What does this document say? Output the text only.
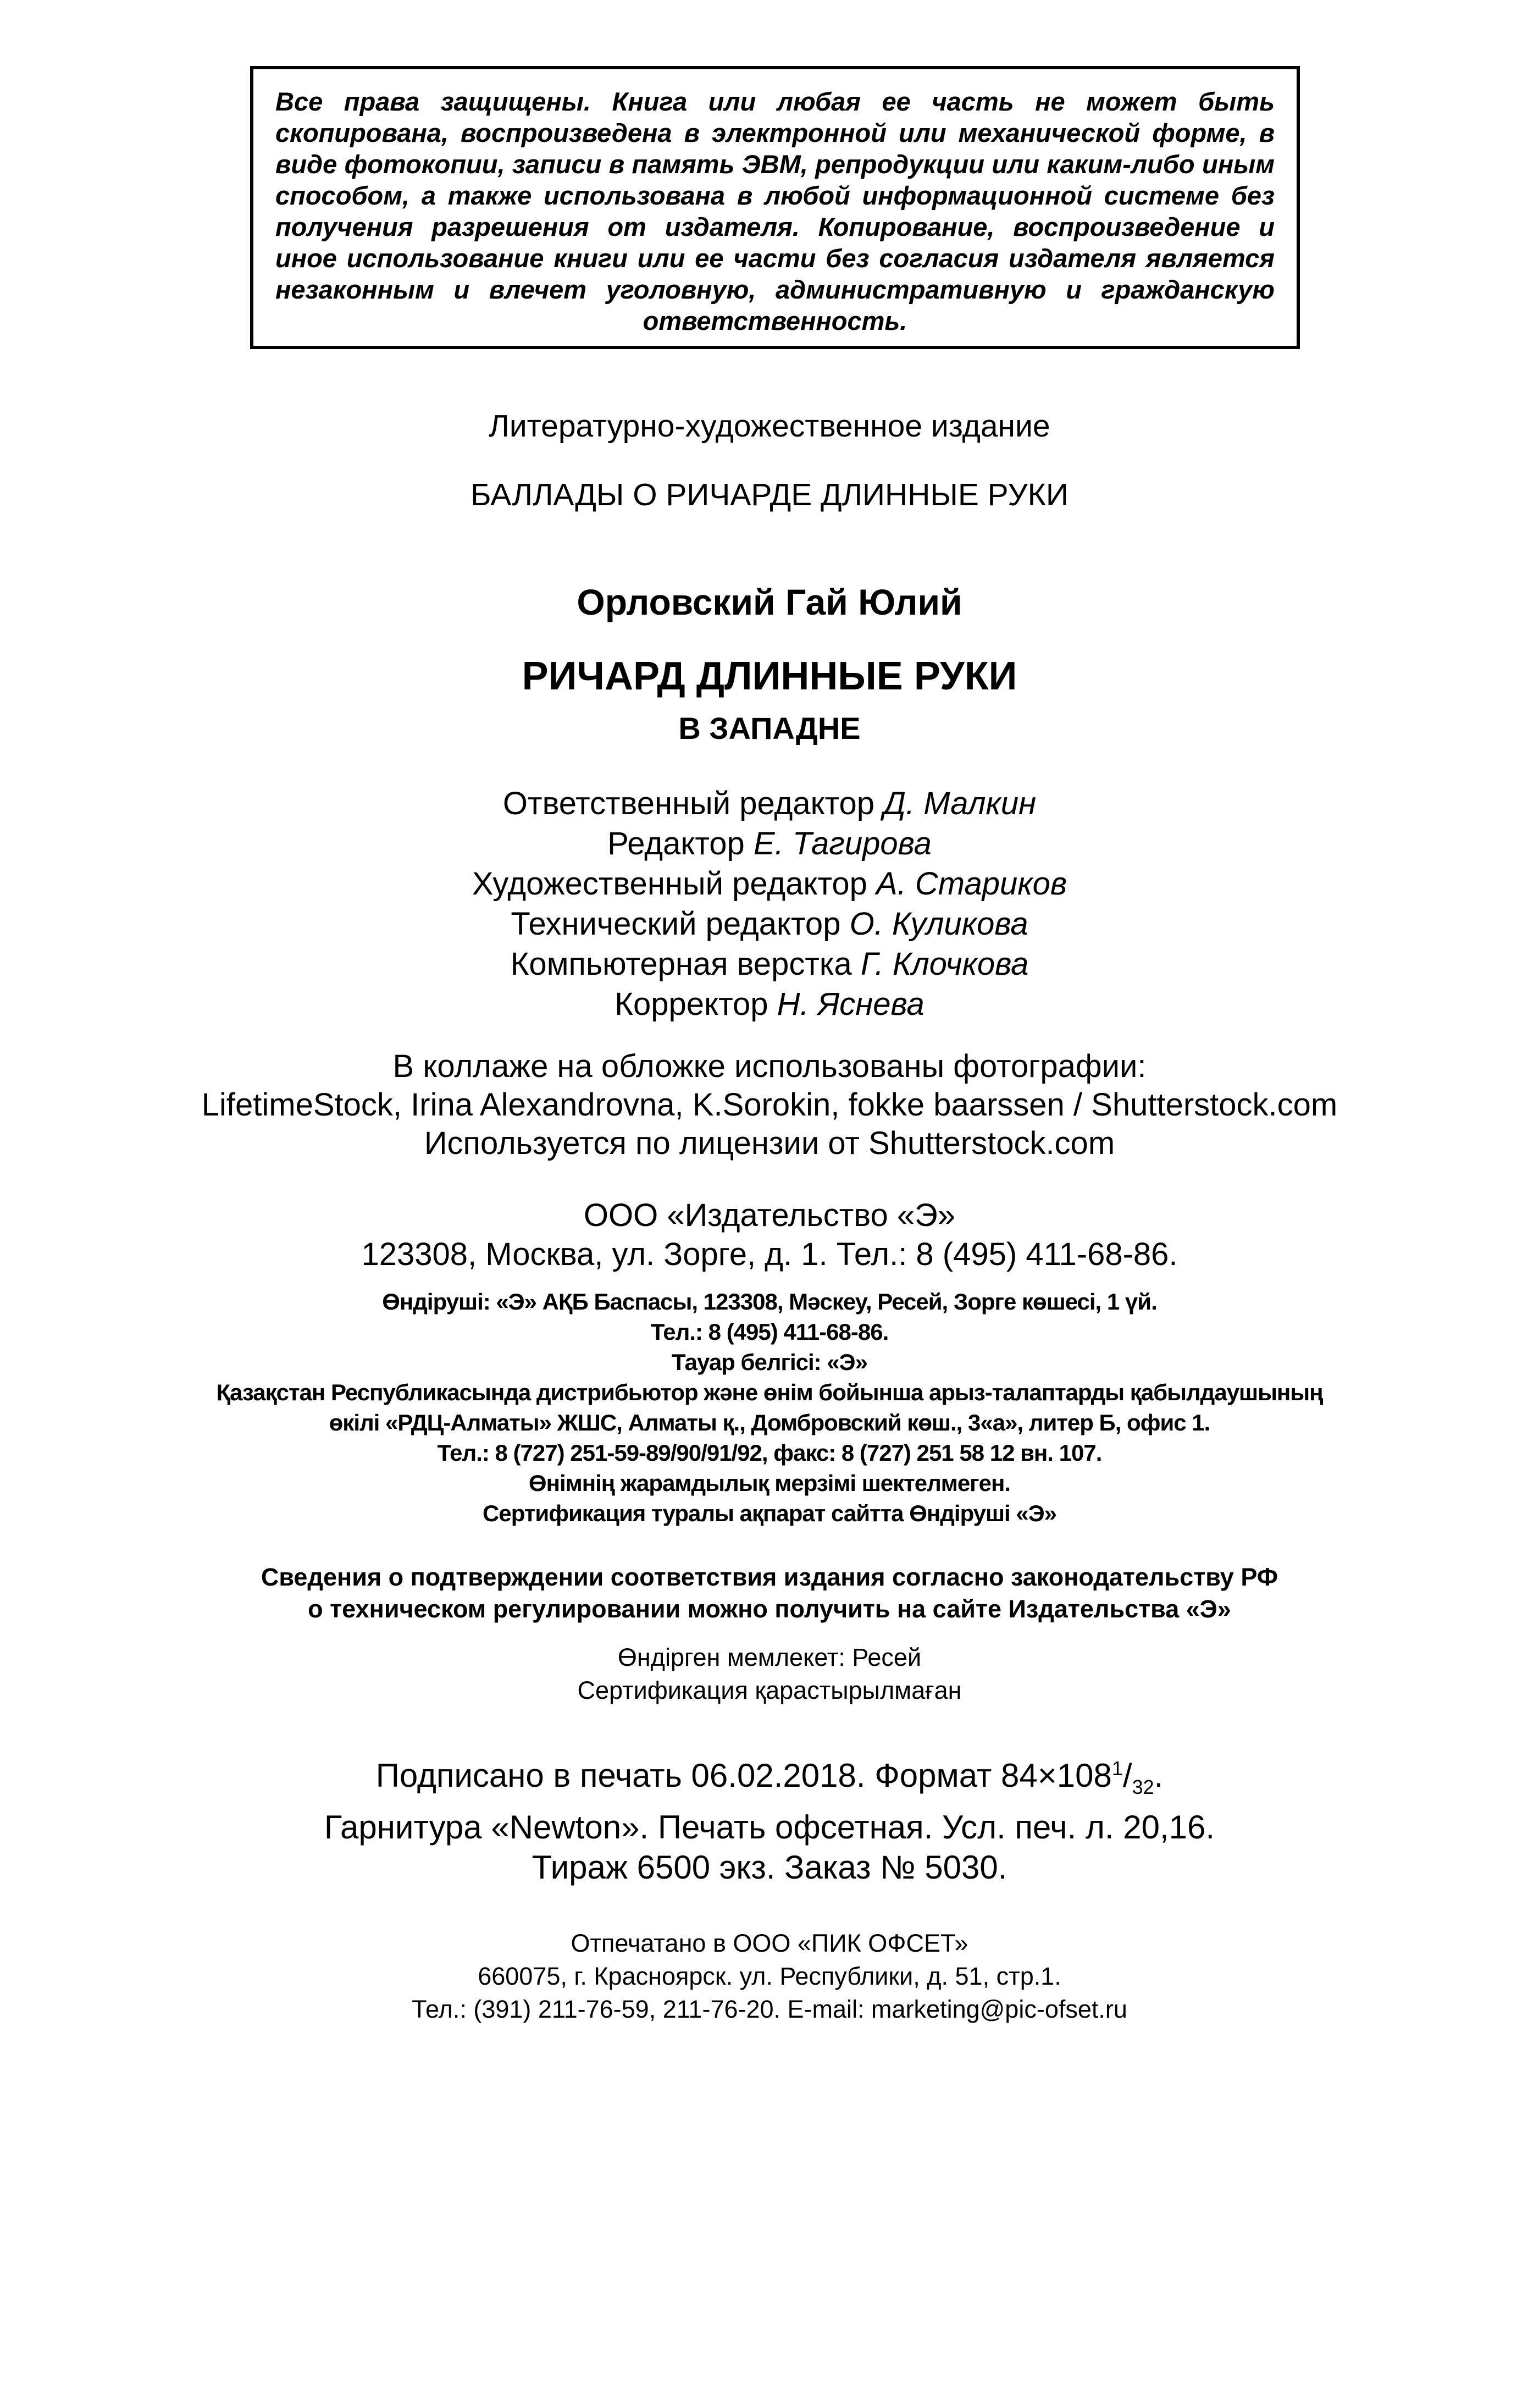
Все права защищены. Книга или любая ее часть не может быть скопирована, воспроизведена в электронной или механической форме, в виде фотокопии, записи в память ЭВМ, репродукции или каким-либо иным способом, а также использована в любой информационной системе без получения разрешения от издателя. Копирование, воспроизведение и иное использование книги или ее части без согласия издателя является незаконным и влечет уголовную, административную и гражданскую ответственность.
Литературно-художественное издание
БАЛЛАДЫ О РИЧАРДЕ ДЛИННЫЕ РУКИ
Орловский Гай Юлий
РИЧАРД ДЛИННЫЕ РУКИ
В ЗАПАДНЕ
Ответственный редактор Д. Малкин
Редактор Е. Тагирова
Художественный редактор А. Стариков
Технический редактор О. Куликова
Компьютерная верстка Г. Клочкова
Корректор Н. Яснева
В коллаже на обложке использованы фотографии:
LifetimeStock, Irina Alexandrovna, K.Sorokin, fokke baarssen / Shutterstock.com
Используется по лицензии от Shutterstock.com
ООО «Издательство «Э»
123308, Москва, ул. Зорге, д. 1. Тел.: 8 (495) 411-68-86.
Өндіруші: «Э» АҚБ Баспасы, 123308, Мәскеу, Ресей, Зорге көшесі, 1 үй.
Тел.: 8 (495) 411-68-86.
Тауар белгісі: «Э»
Қазақстан Республикасында дистрибьютор және өнім бойынша арыз-талаптарды қабылдаушының
өкілі «РДЦ-Алматы» ЖШС, Алматы қ., Домбровский көш., 3«а», литер Б, офис 1.
Тел.: 8 (727) 251-59-89/90/91/92, факс: 8 (727) 251 58 12 вн. 107.
Өнімнің жарамдылық мерзімі шектелмеген.
Сертификация туралы ақпарат сайтта Өндіруші «Э»
Сведения о подтверждении соответствия издания согласно законодательству РФ
о техническом регулировании можно получить на сайте Издательства «Э»
Өндірген мемлекет: Ресей
Сертификация қарастырылмаған
Подписано в печать 06.02.2018. Формат $84\times 108^1/_{32}$.
Гарнитура «Newton». Печать офсетная. Усл. печ. л. 20,16.
Тираж 6500 экз. Заказ № 5030.
Отпечатано в ООО «ПИК ОФСЕТ»
660075, г. Красноярск. ул. Республики, д. 51, стр.1.
Тел.: (391) 211-76-59, 211-76-20. E-mail: marketing@pic-ofset.ru
